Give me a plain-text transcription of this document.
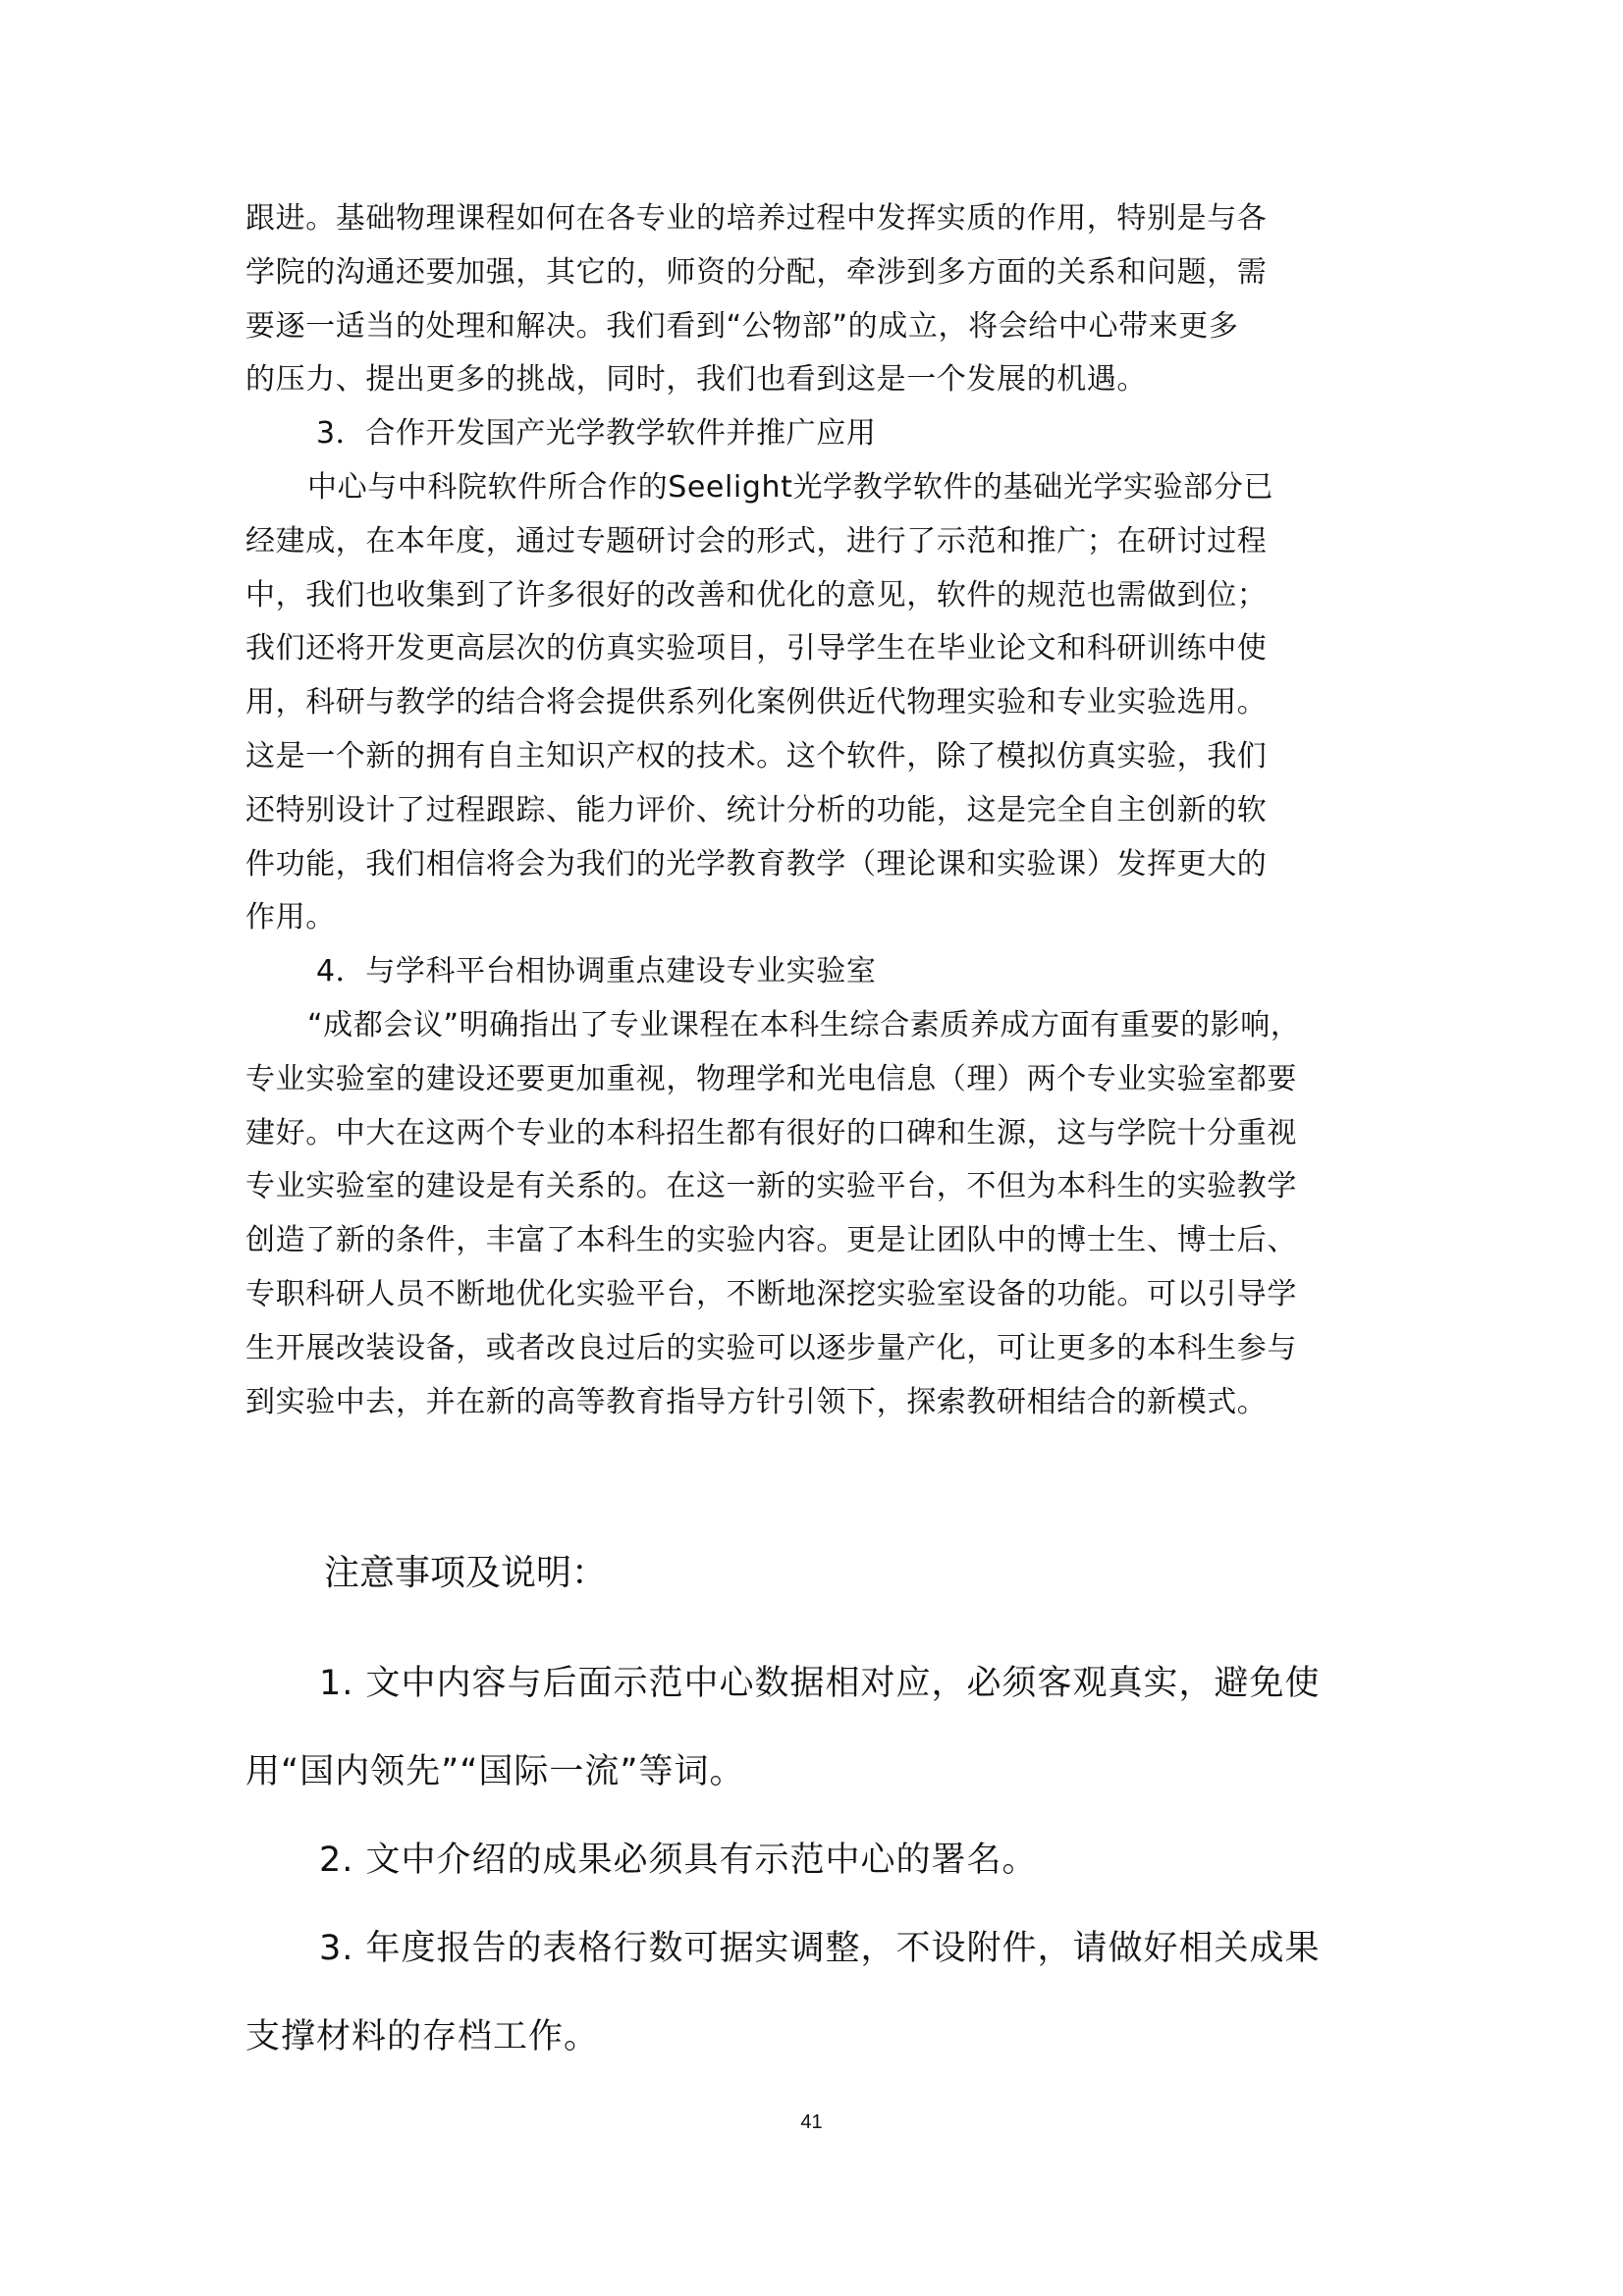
跟进。基础物理课程如何在各专业的培养过程中发挥实质的作用，特别是与各
学院的沟通还要加强，其它的，师资的分配，牵涉到多方面的关系和问题，需
要逐一适当的处理和解决。我们看到“公物部”的成立，将会给中心带来更多
的压力、提出更多的挑战，同时，我们也看到这是一个发展的机遇。
3．合作开发国产光学教学软件并推广应用
中心与中科院软件所合作的Seelight光学教学软件的基础光学实验部分已
经建成，在本年度，通过专题研讨会的形式，进行了示范和推广；在研讨过程
中，我们也收集到了许多很好的改善和优化的意见，软件的规范也需做到位；
我们还将开发更高层次的仿真实验项目，引导学生在毕业论文和科研训练中使
用，科研与教学的结合将会提供系列化案例供近代物理实验和专业实验选用。
这是一个新的拥有自主知识产权的技术。这个软件，除了模拟仿真实验，我们
还特别设计了过程跟踪、能力评价、统计分析的功能，这是完全自主创新的软
件功能，我们相信将会为我们的光学教育教学（理论课和实验课）发挥更大的
作用。
4．与学科平台相协调重点建设专业实验室
“成都会议”明确指出了专业课程在本科生综合素质养成方面有重要的影响，
专业实验室的建设还要更加重视，物理学和光电信息（理）两个专业实验室都要
建好。中大在这两个专业的本科招生都有很好的口碑和生源，这与学院十分重视
专业实验室的建设是有关系的。在这一新的实验平台，不但为本科生的实验教学
创造了新的条件，丰富了本科生的实验内容。更是让团队中的博士生、博士后、
专职科研人员不断地优化实验平台，不断地深挖实验室设备的功能。可以引导学
生开展改装设备，或者改良过后的实验可以逐步量产化，可让更多的本科生参与
到实验中去，并在新的高等教育指导方针引领下，探索教研相结合的新模式。
注意事项及说明：
1. 文中内容与后面示范中心数据相对应，必须客观真实，避免使
用“国内领先”“国际一流”等词。
2. 文中介绍的成果必须具有示范中心的署名。
3. 年度报告的表格行数可据实调整，不设附件，请做好相关成果
支撑材料的存档工作。
41
